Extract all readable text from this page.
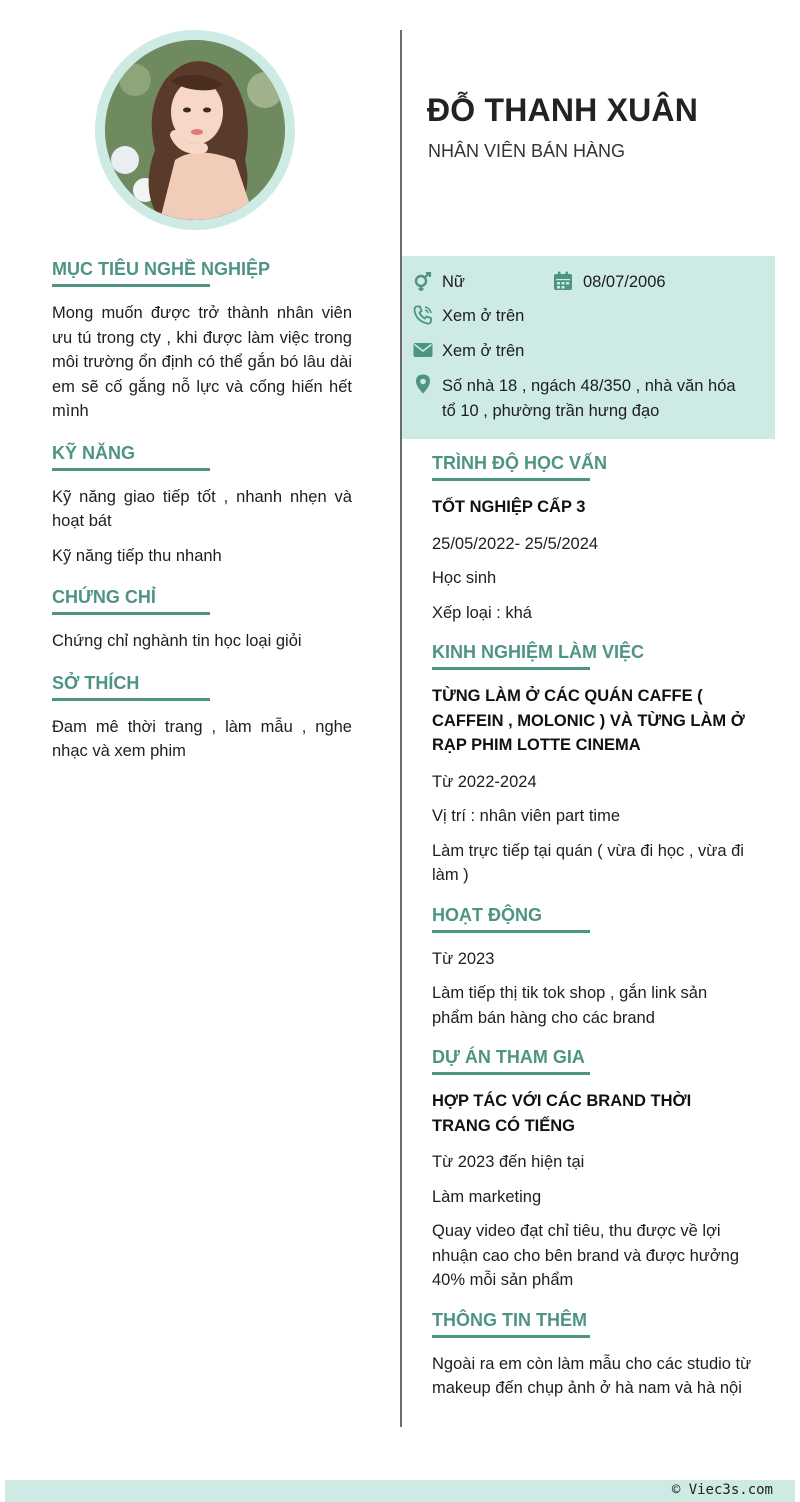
ĐỖ THANH XUÂN
NHÂN VIÊN BÁN HÀNG
Nữ	08/07/2006
Xem ở trên
Xem ở trên
Số nhà 18 , ngách 48/350 , nhà văn hóa tổ 10 , phường trần hưng đạo
MỤC TIÊU NGHỀ NGHIỆP
Mong muốn được trở thành nhân viên ưu tú trong cty , khi được làm việc trong môi trường ổn định có thể gắn bó lâu dài em sẽ cố gắng nỗ lực và cống hiến hết mình
KỸ NĂNG
Kỹ năng giao tiếp tốt , nhanh nhẹn và hoạt bát
Kỹ năng tiếp thu nhanh
CHỨNG CHỈ
Chứng chỉ nghành tin học loại giỏi
SỞ THÍCH
Đam mê thời trang , làm mẫu , nghe nhạc và xem phim
TRÌNH ĐỘ HỌC VẤN
TỐT NGHIỆP CẤP 3
25/05/2022- 25/5/2024
Học sinh
Xếp loại : khá
KINH NGHIỆM LÀM VIỆC
TỪNG LÀM Ở CÁC QUÁN CAFFE ( CAFFEIN , MOLONIC ) VÀ TỪNG LÀM Ở RẠP PHIM LOTTE CINEMA
Từ 2022-2024
Vị trí : nhân viên part time
Làm trực tiếp tại quán ( vừa đi học , vừa đi làm )
HOẠT ĐỘNG
Từ 2023
Làm tiếp thị tik tok shop , gắn link sản phẩm bán hàng cho các brand
DỰ ÁN THAM GIA
HỢP TÁC VỚI CÁC BRAND THỜI TRANG CÓ TIẾNG
Từ 2023 đến hiện tại
Làm marketing
Quay video đạt chỉ tiêu, thu được về lợi nhuận cao cho bên brand và được hưởng 40% mỗi sản phẩm
THÔNG TIN THÊM
Ngoài ra em còn làm mẫu cho các studio từ makeup đến chụp ảnh ở hà nam và hà nội
© Viec3s.com
